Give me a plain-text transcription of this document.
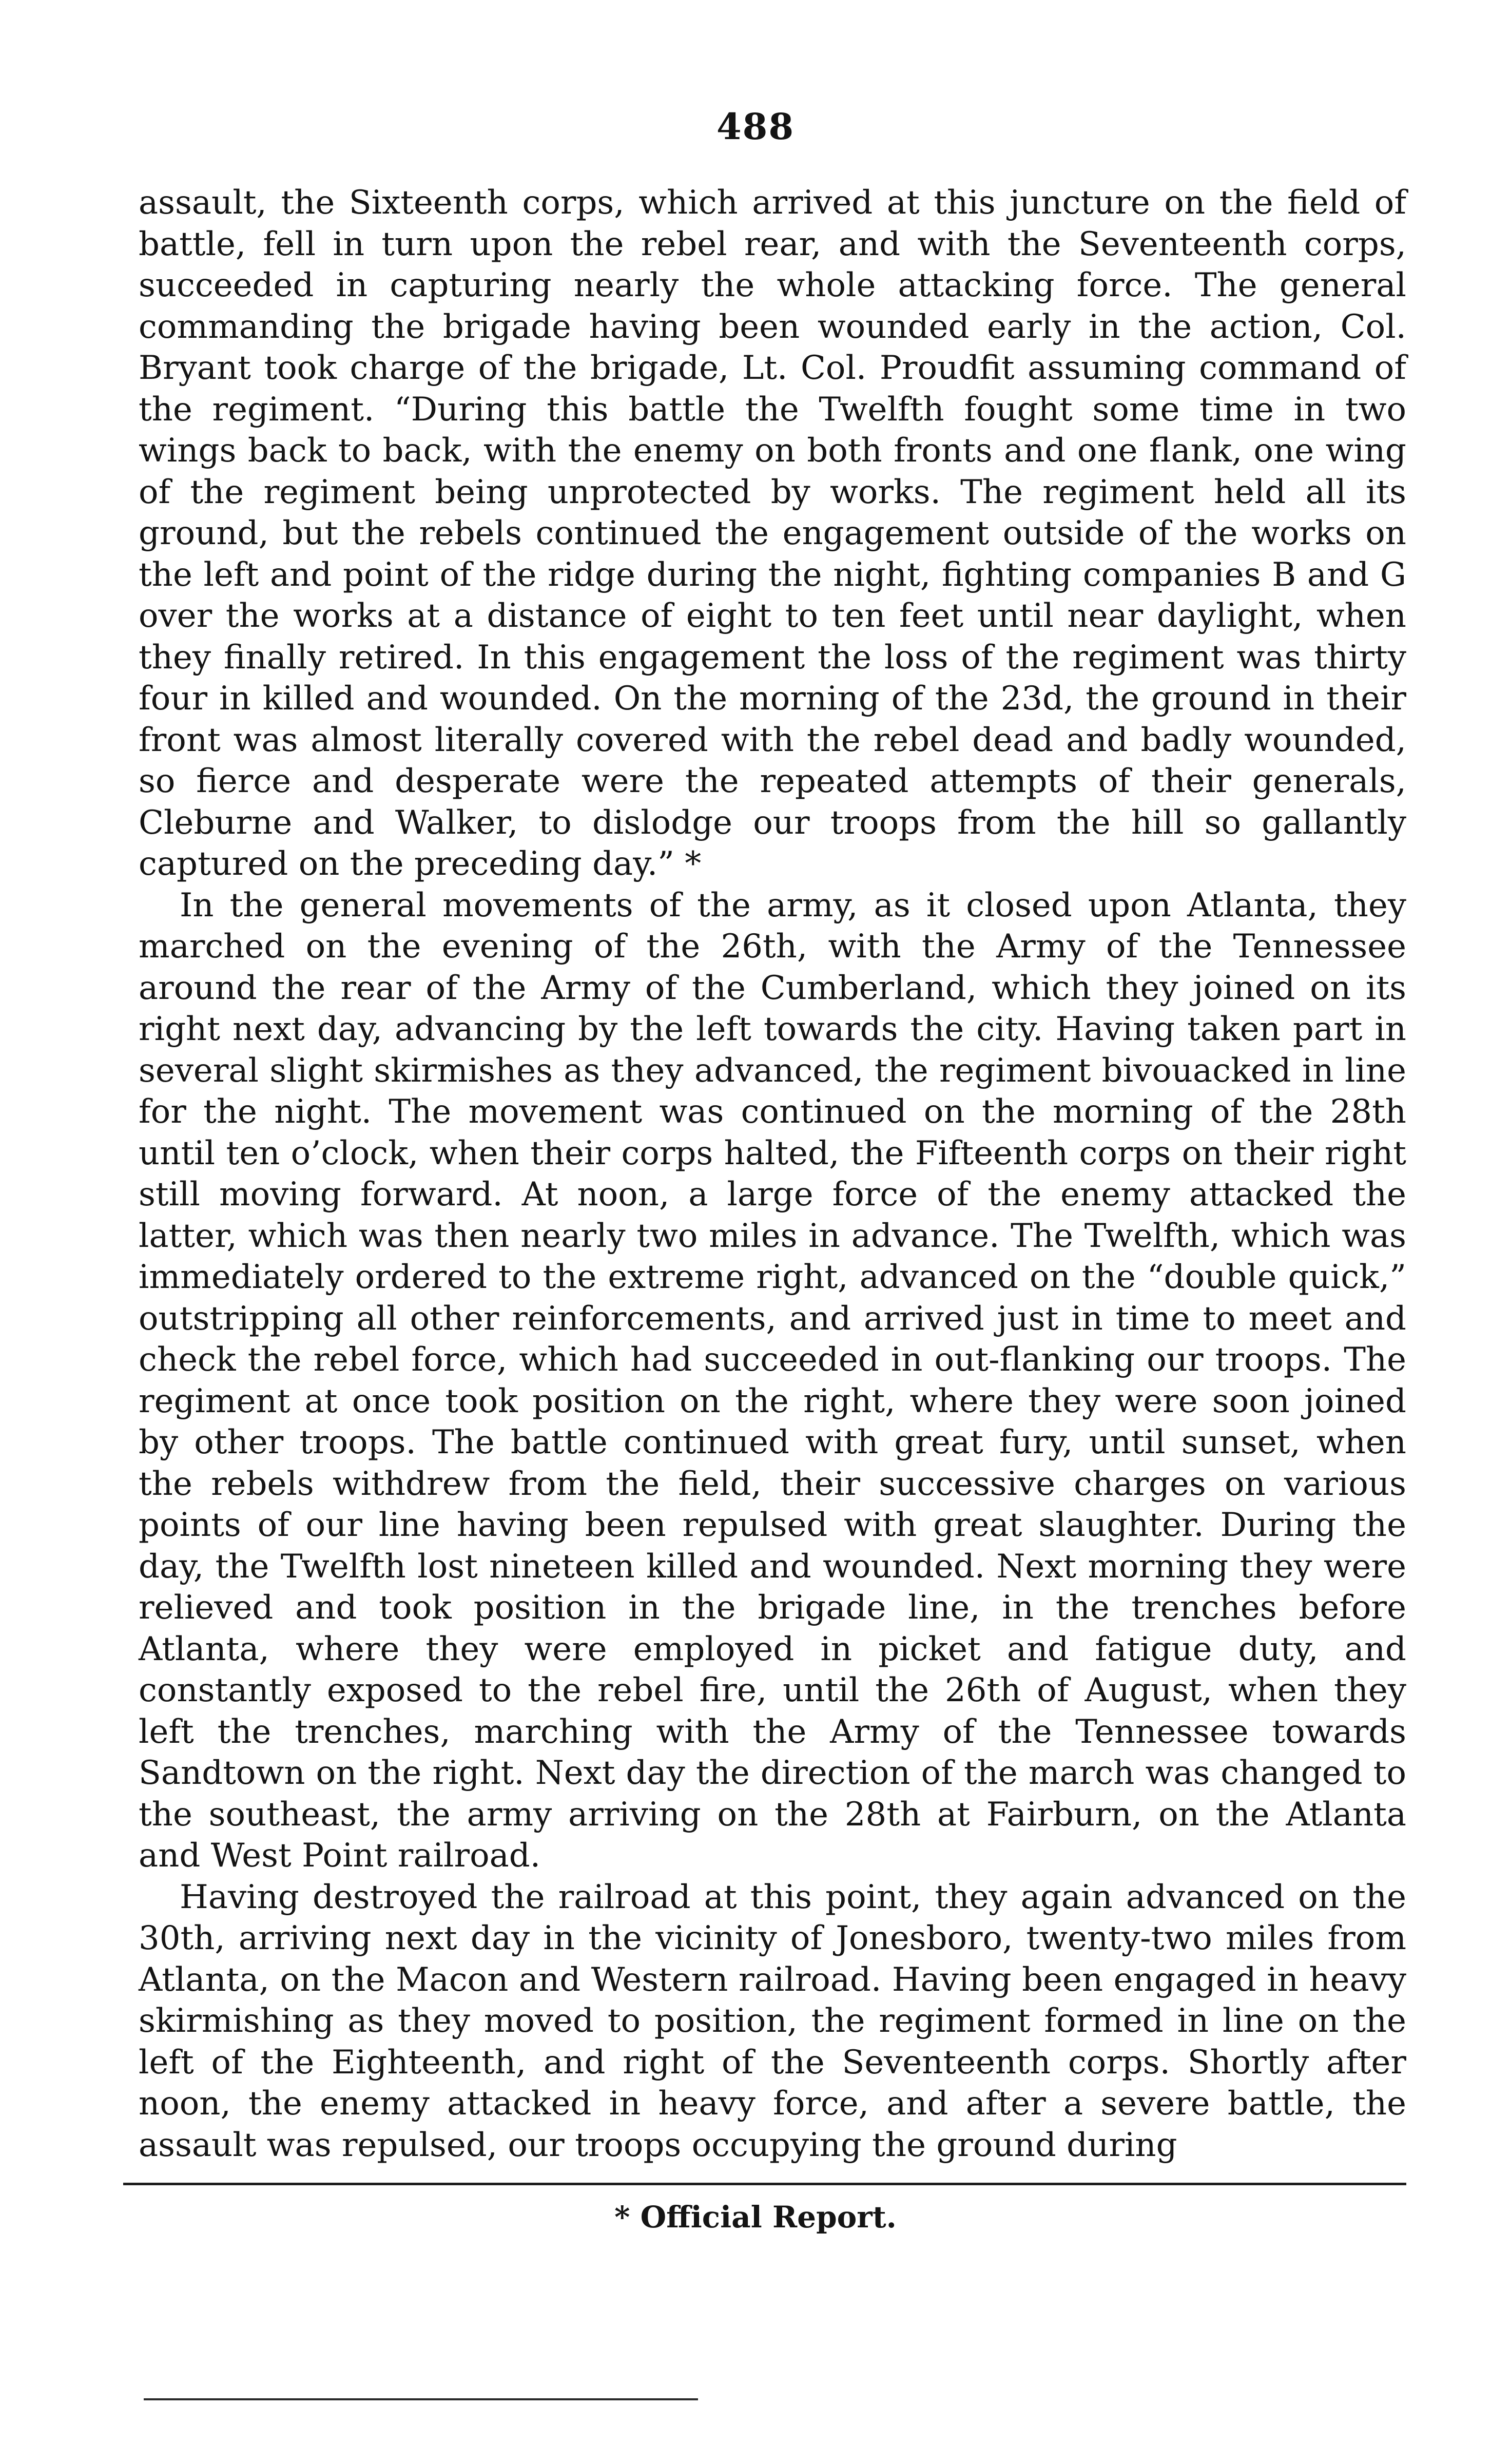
488

assault, the Sixteenth corps, which arrived at this juncture on the field of battle, fell in turn upon the rebel rear, and with the Seventeenth corps, succeeded in capturing nearly the whole attacking force. The general commanding the brigade having been wounded early in the action, Col. Bryant took charge of the brigade, Lt. Col. Proudfit assuming command of the regiment. “During this battle the Twelfth fought some time in two wings back to back, with the enemy on both fronts and one flank, one wing of the regiment being unprotected by works. The regiment held all its ground, but the rebels continued the engagement outside of the works on the left and point of the ridge during the night, fighting companies B and G over the works at a distance of eight to ten feet until near daylight, when they finally retired. In this engagement the loss of the regiment was thirty four in killed and wounded. On the morning of the 23d, the ground in their front was almost literally covered with the rebel dead and badly wounded, so fierce and desperate were the repeated attempts of their generals, Cleburne and Walker, to dislodge our troops from the hill so gallantly captured on the preceding day.” *

In the general movements of the army, as it closed upon Atlanta, they marched on the evening of the 26th, with the Army of the Tennessee around the rear of the Army of the Cumberland, which they joined on its right next day, advancing by the left towards the city. Having taken part in several slight skirmishes as they advanced, the regiment bivouacked in line for the night. The movement was continued on the morning of the 28th until ten o’clock, when their corps halted, the Fifteenth corps on their right still moving forward. At noon, a large force of the enemy attacked the latter, which was then nearly two miles in advance. The Twelfth, which was immediately ordered to the extreme right, advanced on the “double quick,” outstripping all other reinforcements, and arrived just in time to meet and check the rebel force, which had succeeded in out-flanking our troops. The regiment at once took position on the right, where they were soon joined by other troops. The battle continued with great fury, until sunset, when the rebels withdrew from the field, their successive charges on various points of our line having been repulsed with great slaughter. During the day, the Twelfth lost nineteen killed and wounded. Next morning they were relieved and took position in the brigade line, in the trenches before Atlanta, where they were employed in picket and fatigue duty, and constantly exposed to the rebel fire, until the 26th of August, when they left the trenches, marching with the Army of the Tennessee towards Sandtown on the right. Next day the direction of the march was changed to the southeast, the army arriving on the 28th at Fairburn, on the Atlanta and West Point railroad.

Having destroyed the railroad at this point, they again advanced on the 30th, arriving next day in the vicinity of Jonesboro, twenty-two miles from Atlanta, on the Macon and Western railroad. Having been engaged in heavy skirmishing as they moved to position, the regiment formed in line on the left of the Eighteenth, and right of the Seventeenth corps. Shortly after noon, the enemy attacked in heavy force, and after a severe battle, the assault was repulsed, our troops occupying the ground during

* Official Report.
